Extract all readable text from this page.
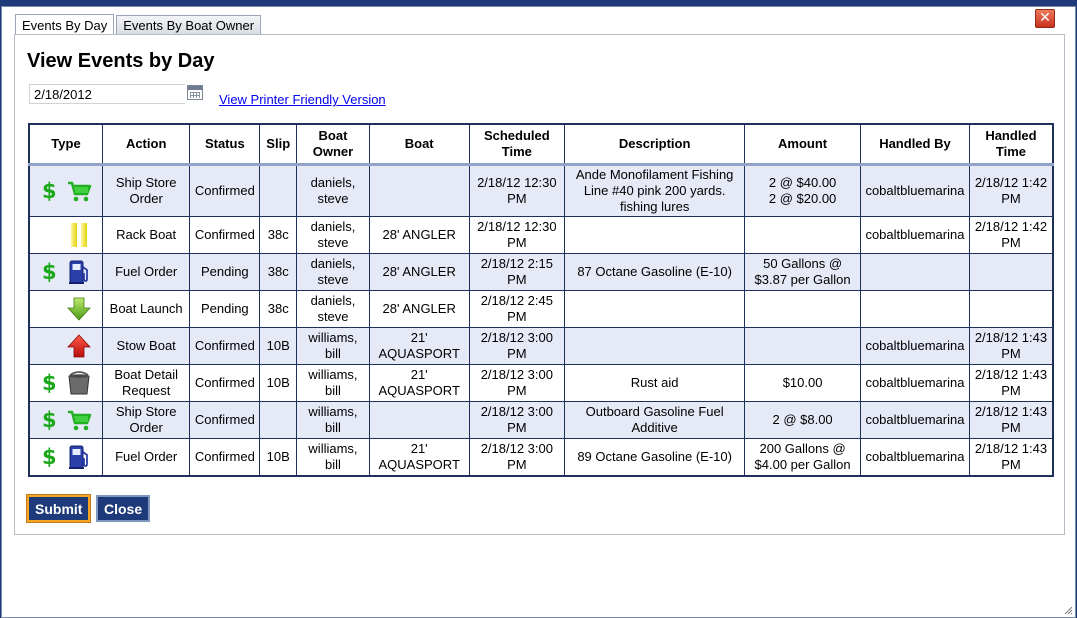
Events By Day	Events By Boat Owner	✕
View Events by Day
2/18/2012
View Printer Friendly Version
Type	Action	Status	Slip	Boat Owner	Boat	Scheduled Time	Description	Amount	Handled By	Handled Time

$	Ship Store Order	Confirmed		daniels, steve		2/18/12 12:30 PM	Ande Monofilament Fishing Line #40 pink 200 yards. fishing lures	2 @ $40.00
2 @ $20.00	cobaltbluemarina	2/18/12 1:42 PM

	Rack Boat	Confirmed	38c	daniels, steve	28' ANGLER	2/18/12 12:30 PM			cobaltbluemarina	2/18/12 1:42 PM

$	Fuel Order	Pending	38c	daniels, steve	28' ANGLER	2/18/12 2:15 PM	87 Octane Gasoline (E-10)	50 Gallons @ $3.87 per Gallon		

	Boat Launch	Pending	38c	daniels, steve	28' ANGLER	2/18/12 2:45 PM				

	Stow Boat	Confirmed	10B	williams, bill	21' AQUASPORT	2/18/12 3:00 PM			cobaltbluemarina	2/18/12 1:43 PM

$	Boat Detail Request	Confirmed	10B	williams, bill	21' AQUASPORT	2/18/12 3:00 PM	Rust aid	$10.00	cobaltbluemarina	2/18/12 1:43 PM

$	Ship Store Order	Confirmed		williams, bill		2/18/12 3:00 PM	Outboard Gasoline Fuel Additive	2 @ $8.00	cobaltbluemarina	2/18/12 1:43 PM

$	Fuel Order	Confirmed	10B	williams, bill	21' AQUASPORT	2/18/12 3:00 PM	89 Octane Gasoline (E-10)	200 Gallons @ $4.00 per Gallon	cobaltbluemarina	2/18/12 1:43 PM
Submit	Close
